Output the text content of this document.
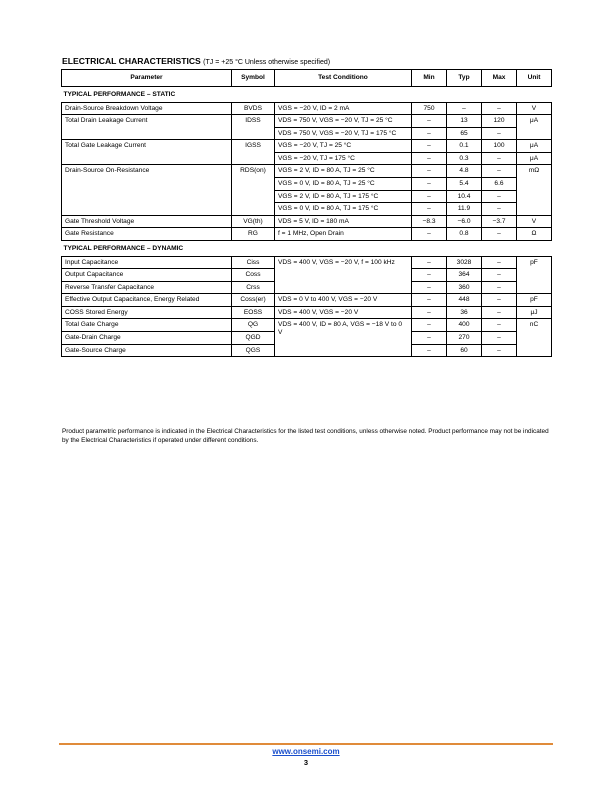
ELECTRICAL CHARACTERISTICS (TJ = +25 °C Unless otherwise specified)
Parameter	Symbol	Test Conditiono	Min	Typ	Max	Unit
TYPICAL PERFORMANCE – STATIC						
Drain-Source Breakdown Voltage	BVDS	VGS = −20 V, ID = 2 mA	750	–	–	V
Total Drain Leakage Current	IDSS	VDS = 750 V, VGS = −20 V, TJ = 25 °C	–	13	120	μA
		VDS = 750 V, VGS = −20 V, TJ = 175 °C	–	65	–	
Total Gate Leakage Current	IGSS	VGS = −20 V, TJ = 25 °C	–	0.1	100	μA
		VGS = −20 V, TJ = 175 °C	–	0.3	–	μA
Drain-Source On-Resistance	RDS(on)	VGS = 2 V, ID = 80 A, TJ = 25 °C	–	4.8	–	mΩ
		VGS = 0 V, ID = 80 A, TJ = 25 °C	–	5.4	6.6	
		VGS = 2 V, ID = 80 A, TJ = 175 °C	–	10.4	–	
		VGS = 0 V, ID = 80 A, TJ = 175 °C	–	11.9	–	
Gate Threshold Voltage	VG(th)	VDS = 5 V, ID = 180 mA	−8.3	−6.0	−3.7	V
Gate Resistance	RG	f = 1 MHz, Open Drain	–	0.8	–	Ω
TYPICAL PERFORMANCE – DYNAMIC						
Input Capacitance	Ciss	VDS = 400 V, VGS = −20 V, f = 100 kHz	–	3028	–	pF
Output Capacitance	Coss		–	364	–	
Reverse Transfer Capacitance	Crss		–	360	–	
Effective Output Capacitance, Energy Related	Coss(er)	VDS = 0 V to 400 V, VGS = −20 V	–	448	–	pF
COSS Stored Energy	EOSS	VDS = 400 V, VGS = −20 V	–	36	–	μJ
Total Gate Charge	QG	VDS = 400 V, ID = 80 A, VGS = −18 V to 0 V	–	400	–	nC
Gate-Drain Charge	QGD		–	270	–	
Gate-Source Charge	QGS		–	60	–	
Product parametric performance is indicated in the Electrical Characteristics for the listed test conditions, unless otherwise noted. Product performance may not be indicated by the Electrical Characteristics if operated under different conditions.
www.onsemi.com
3
